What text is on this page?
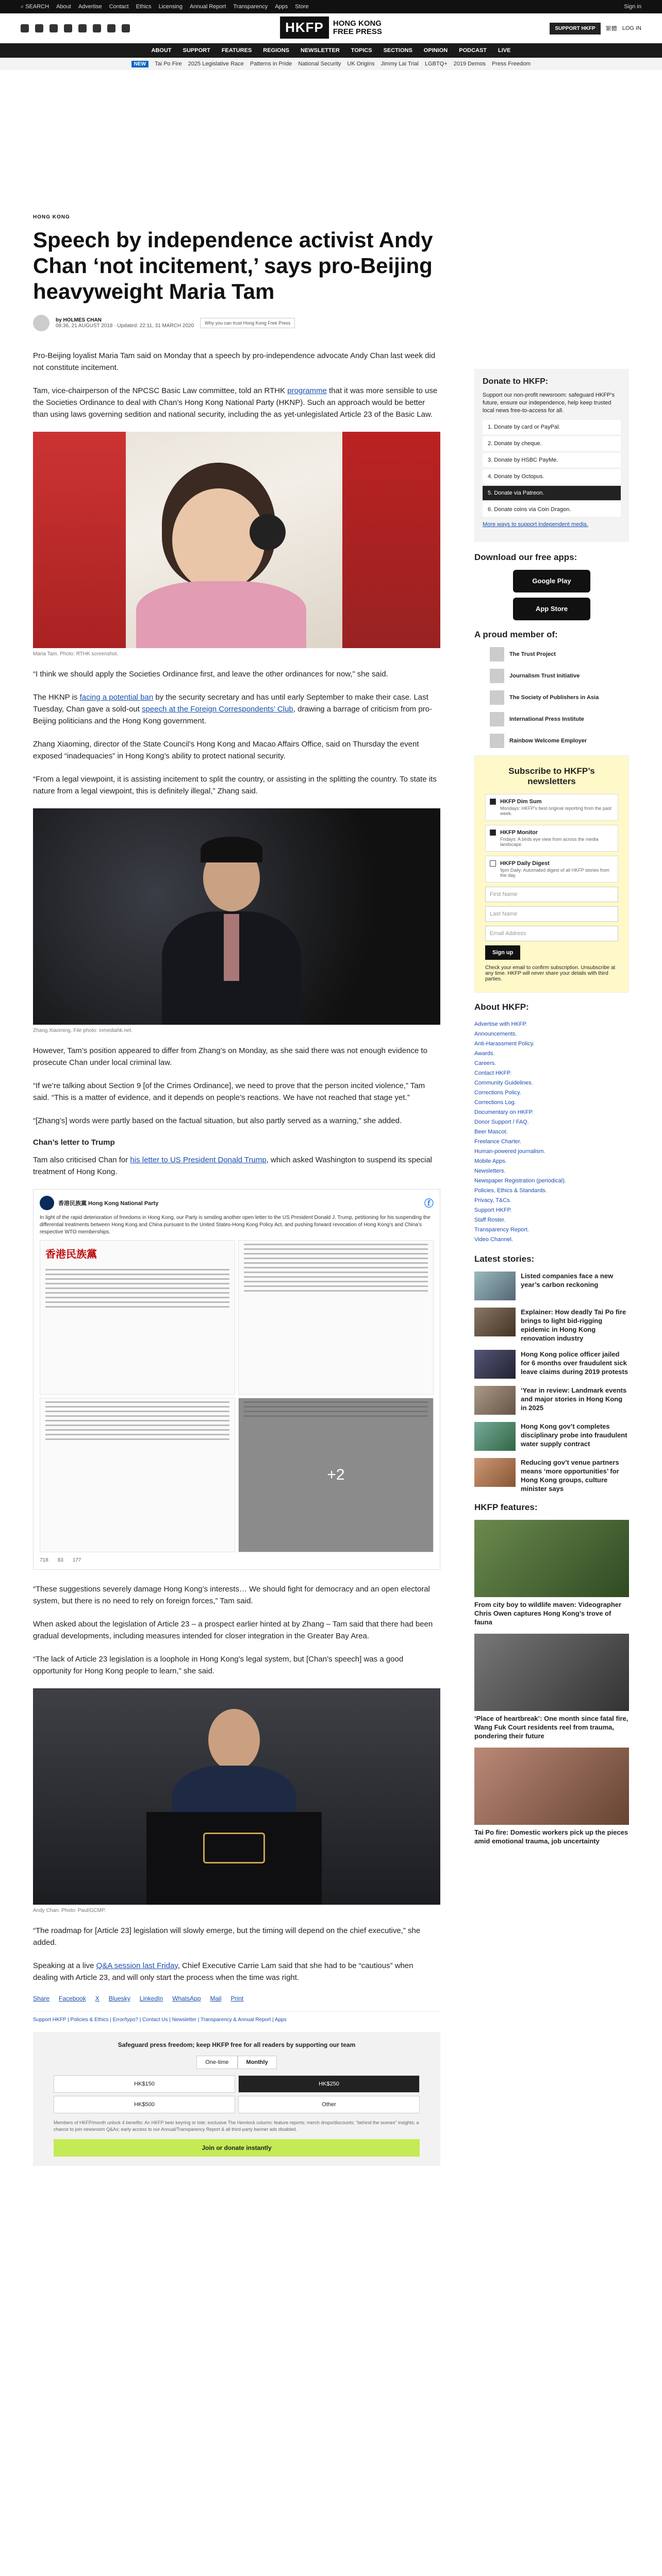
⌕ SEARCH About Advertise Contact Ethics Licensing Annual Report Transparency Apps Store	Sign in
HKFP	HONG KONG
FREE PRESS	SUPPORT HKFP	繁體 LOG IN
ABOUT SUPPORT FEATURES REGIONS NEWSLETTER TOPICS SECTIONS OPINION PODCAST LIVE
NEW	Tai Po Fire 2025 Legislative Race Patterns in Pride National Security UK Origins Jimmy Lai Trial LGBTQ+ 2019 Demos Press Freedom
HONG KONG
Speech by independence activist Andy Chan ‘not incitement,’ says pro-Beijing heavyweight Maria Tam
by HOLMES CHAN
08:36, 21 AUGUST 2018 · Updated: 22:11, 31 MARCH 2020	Why you can trust Hong Kong Free Press

Pro-Beijing loyalist Maria Tam said on Monday that a speech by pro-independence advocate Andy Chan last week did not constitute incitement.

Tam, vice-chairperson of the NPCSC Basic Law committee, told an RTHK programme that it was more sensible to use the Societies Ordinance to deal with Chan’s Hong Kong National Party (HKNP). Such an approach would be better than using laws governing sedition and national security, including the as yet-unlegislated Article 23 of the Basic Law.

Maria Tam. Photo: RTHK screenshot.

“I think we should apply the Societies Ordinance first, and leave the other ordinances for now,” she said.

The HKNP is facing a potential ban by the security secretary and has until early September to make their case. Last Tuesday, Chan gave a sold-out speech at the Foreign Correspondents’ Club, drawing a barrage of criticism from pro-Beijing politicians and the Hong Kong government.

Zhang Xiaoming, director of the State Council’s Hong Kong and Macao Affairs Office, said on Thursday the event exposed “inadequacies” in Hong Kong’s ability to protect national security.

“From a legal viewpoint, it is assisting incitement to split the country, or assisting in the splitting the country. To state its nature from a legal viewpoint, this is definitely illegal,” Zhang said.

Zhang Xiaoming. File photo: inmediahk.net.

However, Tam’s position appeared to differ from Zhang’s on Monday, as she said there was not enough evidence to prosecute Chan under local criminal law.

“If we’re talking about Section 9 [of the Crimes Ordinance], we need to prove that the person incited violence,” Tam said. “This is a matter of evidence, and it depends on people’s reactions. We have not reached that stage yet.”

“[Zhang’s] words were partly based on the factual situation, but also partly served as a warning,” she added.

Chan’s letter to Trump

Tam also criticised Chan for his letter to US President Donald Trump, which asked Washington to suspend its special treatment of Hong Kong.

香港民族黨 Hong Kong National Party	ⓕ
In light of the rapid deterioration of freedoms in Hong Kong, our Party is sending another open letter to the US President Donald J. Trump, petitioning for his suspending the differential treatments between Hong Kong and China pursuant to the United States-Hong Kong Policy Act, and pushing forward revocation of Hong Kong’s and China’s respective WTO memberships.
香港民族黨
+2
718 83 177

“These suggestions severely damage Hong Kong’s interests… We should fight for democracy and an open electoral system, but there is no need to rely on foreign forces,” Tam said.

When asked about the legislation of Article 23 – a prospect earlier hinted at by Zhang – Tam said that there had been gradual developments, including measures intended for closer integration in the Greater Bay Area.

“The lack of Article 23 legislation is a loophole in Hong Kong’s legal system, but [Chan’s speech] was a good opportunity for Hong Kong people to learn,” she said.

Andy Chan. Photo: Paul/GCMP.

“The roadmap for [Article 23] legislation will slowly emerge, but the timing will depend on the chief executive,” she added.

Speaking at a live Q&A session last Friday, Chief Executive Carrie Lam said that she had to be “cautious” when dealing with Article 23, and will only start the process when the time was right.

Share Facebook X Bluesky LinkedIn WhatsApp Mail Print
Support HKFP | Policies & Ethics | Error/typo? | Contact Us | Newsletter | Transparency & Annual Report | Apps
Safeguard press freedom; keep HKFP free for all readers by supporting our team
One-time	Monthly
HK$150	HK$250
HK$500	Other
Members of HKFP/month unlock 4 benefits: An HKFP beer keyring or tote; exclusive The Hemlock column; feature reports; merch drops/discounts; “behind the scenes” insights; a chance to join newsroom Q&As; early access to our Annual/Transparency Report & all third-party banner ads disabled.
Join or donate instantly
Donate to HKFP:
Support our non-profit newsroom: safeguard HKFP’s future, ensure our independence, help keep trusted local news free-to-access for all.
1. Donate by card or PayPal.
2. Donate by cheque.
3. Donate by HSBC PayMe.
4. Donate by Octopus.
5. Donate via Patreon.
6. Donate coins via Coin Dragon.
More ways to support independent media.
Download our free apps:
Google Play
App Store
A proud member of:
The Trust Project
Journalism Trust Initiative
The Society of Publishers in Asia
International Press Institute
Rainbow Welcome Employer
Subscribe to HKFP’s newsletters
HKFP Dim Sum
Mondays: HKFP’s best original reporting from the past week.
HKFP Monitor
Fridays: A birds eye view from across the media landscape.
HKFP Daily Digest
9pm Daily: Automated digest of all HKFP stories from the day.
First Name
Last Name
Email Address
Sign up
Check your email to confirm subscription. Unsubscribe at any time. HKFP will never share your details with third parties.
About HKFP:
Advertise with HKFP.
Announcements.
Anti-Harassment Policy.
Awards.
Careers.
Contact HKFP.
Community Guidelines.
Corrections Policy.
Corrections Log.
Documentary on HKFP.
Donor Support / FAQ.
Beer Mascot.
Freelance Charter.
Human-powered journalism.
Mobile Apps.
Newsletters.
Newspaper Registration (periodical).
Policies, Ethics & Standards.
Privacy, T&Cs.
Support HKFP.
Staff Roster.
Transparency Report.
Video Channel.
Latest stories:
Listed companies face a new year’s carbon reckoning
Explainer: How deadly Tai Po fire brings to light bid-rigging epidemic in Hong Kong renovation industry
Hong Kong police officer jailed for 6 months over fraudulent sick leave claims during 2019 protests
‘Year in review: Landmark events and major stories in Hong Kong in 2025
Hong Kong gov’t completes disciplinary probe into fraudulent water supply contract
Reducing gov’t venue partners means ‘more opportunities’ for Hong Kong groups, culture minister says
HKFP features:
From city boy to wildlife maven: Videographer Chris Owen captures Hong Kong’s trove of fauna
‘Place of heartbreak’: One month since fatal fire, Wang Fuk Court residents reel from trauma, pondering their future
Tai Po fire: Domestic workers pick up the pieces amid emotional trauma, job uncertainty
